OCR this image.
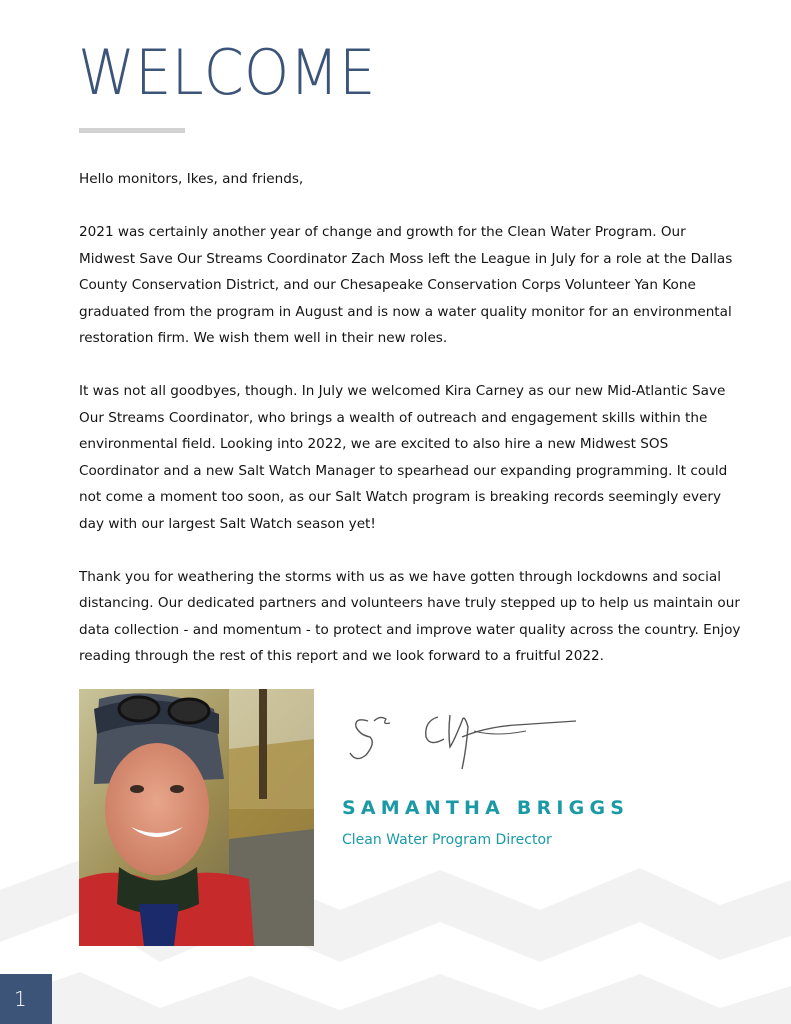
WELCOME

Hello monitors, Ikes, and friends,

2021 was certainly another year of change and growth for the Clean Water Program. Our Midwest Save Our Streams Coordinator Zach Moss left the League in July for a role at the Dallas County Conservation District, and our Chesapeake Conservation Corps Volunteer Yan Kone graduated from the program in August and is now a water quality monitor for an environmental restoration firm. We wish them well in their new roles.

It was not all goodbyes, though. In July we welcomed Kira Carney as our new Mid-Atlantic Save Our Streams Coordinator, who brings a wealth of outreach and engagement skills within the environmental field. Looking into 2022, we are excited to also hire a new Midwest SOS Coordinator and a new Salt Watch Manager to spearhead our expanding programming. It could not come a moment too soon, as our Salt Watch program is breaking records seemingly every day with our largest Salt Watch season yet!

Thank you for weathering the storms with us as we have gotten through lockdowns and social distancing. Our dedicated partners and volunteers have truly stepped up to help us maintain our data collection - and momentum - to protect and improve water quality across the country. Enjoy reading through the rest of this report and we look forward to a fruitful 2022.

SAMANTHA BRIGGS
Clean Water Program Director
1
